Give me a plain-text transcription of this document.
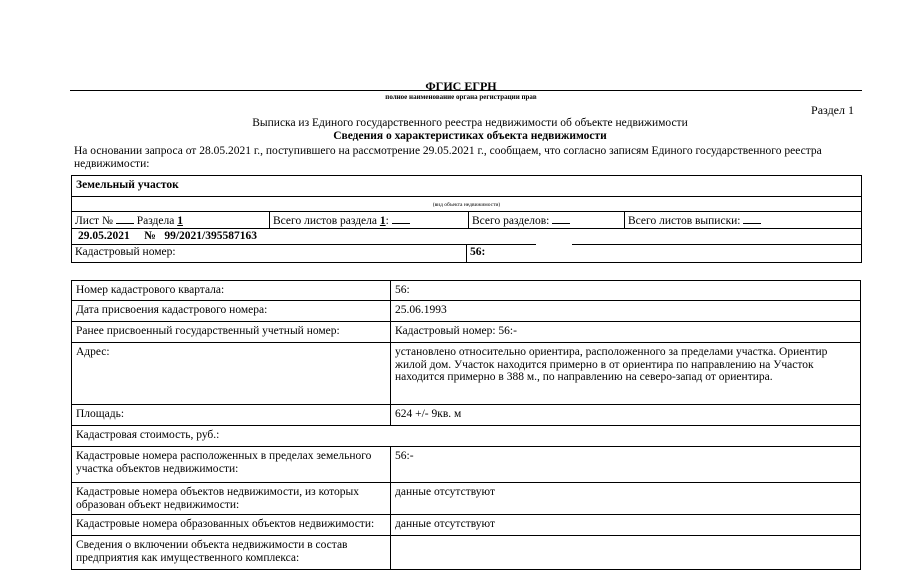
ФГИС ЕГРН
полное наименование органа регистрации прав
Раздел 1
Выписка из Единого государственного реестра недвижимости об объекте недвижимости
Сведения о характеристиках объекта недвижимости
На основании запроса от 28.05.2021 г., поступившего на рассмотрение 29.05.2021 г., сообщаем, что согласно записям Единого государственного реестра недвижимости:
Земельный участок
(вид объекта недвижимости)
Лист № Раздела 1	Всего листов раздела 1:	Всего разделов:	Всего листов выписки:
29.05.2021 № 99/2021/395587163
Кадастровый номер:	56:
Номер кадастрового квартала:	56:
Дата присвоения кадастрового номера:	25.06.1993
Ранее присвоенный государственный учетный номер:	Кадастровый номер: 56:-
Адрес:	установлено относительно ориентира, расположенного за пределами участка. Ориентир жилой дом. Участок находится примерно в от ориентира по направлению на Участок находится примерно в 388 м., по направлению на северо-запад от ориентира.
Площадь:	624 +/- 9кв. м
Кадастровая стоимость, руб.:	
Кадастровые номера расположенных в пределах земельного участка объектов недвижимости:	56:-
Кадастровые номера объектов недвижимости, из которых образован объект недвижимости:	данные отсутствуют
Кадастровые номера образованных объектов недвижимости:	данные отсутствуют
Сведения о включении объекта недвижимости в состав предприятия как имущественного комплекса:	
